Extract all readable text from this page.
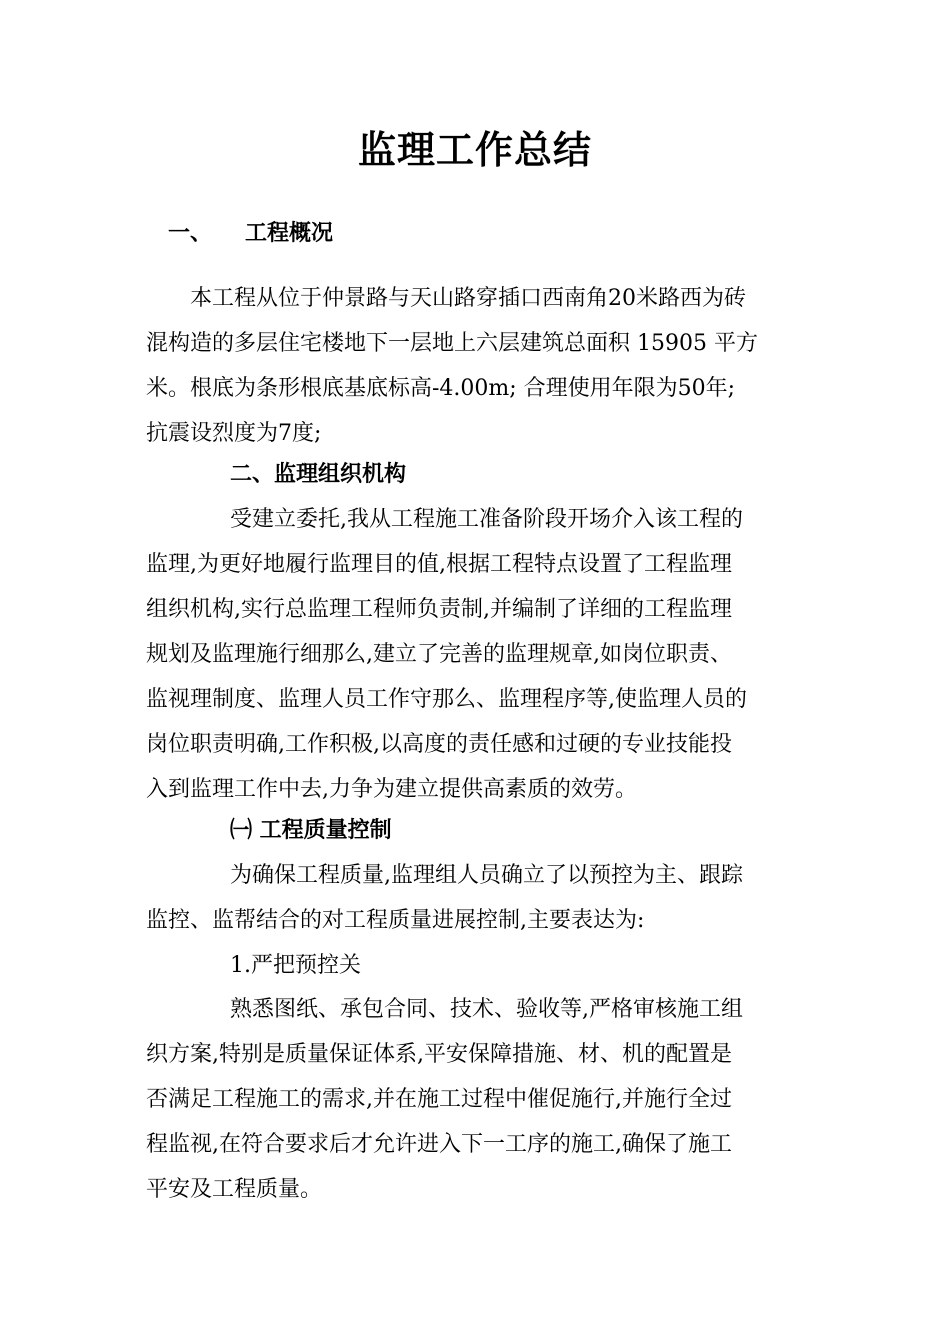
监理工作总结
一、 工程概况
本工程从位于仲景路与天山路穿插口西南角20米路西为砖
混构造的多层住宅楼地下一层地上六层建筑总面积 15905 平方
米。根底为条形根底基底标高-4.00m; 合理使用年限为50年;
抗震设烈度为7度;
二、监理组织机构
受建立委托,我从工程施工准备阶段开场介入该工程的
监理,为更好地履行监理目的值,根据工程特点设置了工程监理
组织机构,实行总监理工程师负责制,并编制了详细的工程监理
规划及监理施行细那么,建立了完善的监理规章,如岗位职责、
监视理制度、监理人员工作守那么、监理程序等,使监理人员的
岗位职责明确,工作积极,以高度的责任感和过硬的专业技能投
入到监理工作中去,力争为建立提供高素质的效劳。
㈠ 工程质量控制
为确保工程质量,监理组人员确立了以预控为主、跟踪
监控、监帮结合的对工程质量进展控制,主要表达为:
1.严把预控关
熟悉图纸、承包合同、技术、验收等,严格审核施工组
织方案,特别是质量保证体系,平安保障措施、材、机的配置是
否满足工程施工的需求,并在施工过程中催促施行,并施行全过
程监视,在符合要求后才允许进入下一工序的施工,确保了施工
平安及工程质量。
